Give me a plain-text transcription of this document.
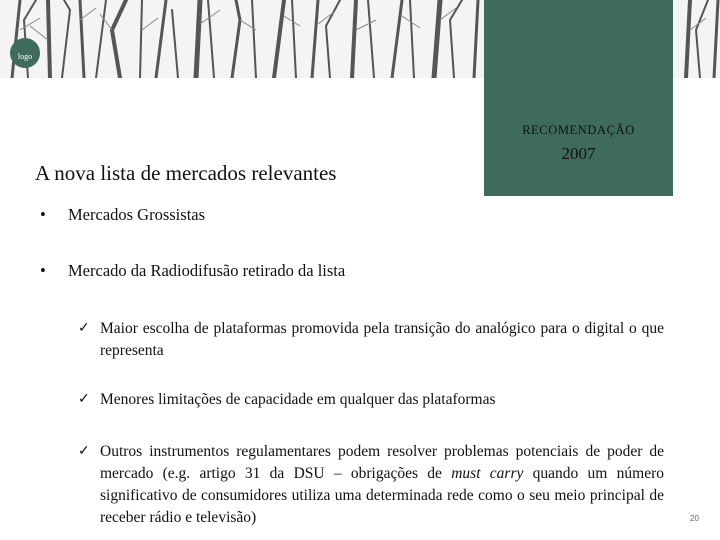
logo
RECOMENDAÇÃO
2007
A nova lista de mercados relevantes
• Mercados Grossistas
• Mercado da Radiodifusão retirado da lista
✓ Maior escolha de plataformas promovida pela transição do analógico para o digital o que representa
✓ Menores limitações de capacidade em qualquer das plataformas
✓ Outros instrumentos regulamentares podem resolver problemas potenciais de poder de mercado (e.g. artigo 31 da DSU – obrigações de must carry quando um número significativo de consumidores utiliza uma determinada rede como o seu meio principal de receber rádio e televisão)	20
